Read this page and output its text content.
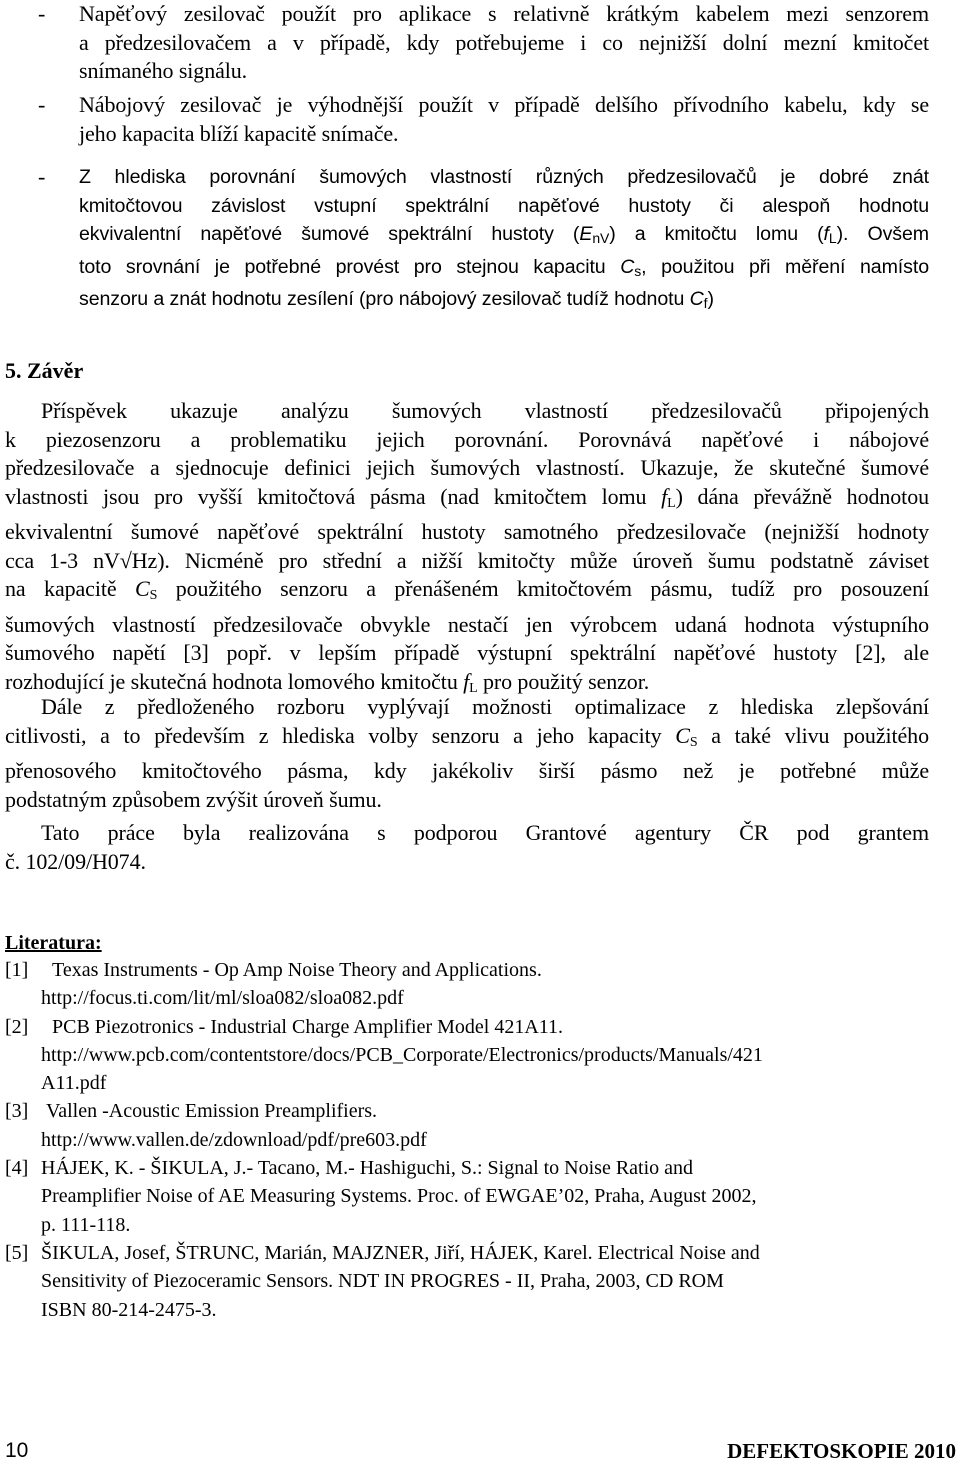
- Napěťový zesilovač použít pro aplikace s relativně krátkým kabelem mezi senzorem
a předzesilovačem a v případě, kdy potřebujeme i co nejnižší dolní mezní kmitočet
snímaného signálu.
- Nábojový zesilovač je výhodnější použít v případě delšího přívodního kabelu, kdy se
jeho kapacita blíží kapacitě snímače.
- Z hlediska porovnání šumových vlastností různých předzesilovačů je dobré znát
kmitočtovou závislost vstupní spektrální napěťové hustoty či alespoň hodnotu
ekvivalentní napěťové šumové spektrální hustoty $(E_{nV})$ a kmitočtu lomu $(f_L)$. Ovšem
toto srovnání je potřebné provést pro stejnou kapacitu $C_s$, použitou při měření namísto
senzoru a znát hodnotu zesílení (pro nábojový zesilovač tudíž hodnotu $C_f$)
5. Závěr
Příspěvek ukazuje analýzu šumových vlastností předzesilovačů připojených
k piezosenzoru a problematiku jejich porovnání. Porovnává napěťové i nábojové
předzesilovače a sjednocuje definici jejich šumových vlastností. Ukazuje, že skutečné šumové
vlastnosti jsou pro vyšší kmitočtová pásma (nad kmitočtem lomu $f_L$) dána převážně hodnotou
ekvivalentní šumové napěťové spektrální hustoty samotného předzesilovače (nejnižší hodnoty
cca 1-3 nV√Hz). Nicméně pro střední a nižší kmitočty může úroveň šumu podstatně záviset
na kapacitě $C_S$ použitého senzoru a přenášeném kmitočtovém pásmu, tudíž pro posouzení
šumových vlastností předzesilovače obvykle nestačí jen výrobcem udaná hodnota výstupního
šumového napětí [3] popř. v lepším případě výstupní spektrální napěťové hustoty [2], ale
rozhodující je skutečná hodnota lomového kmitočtu $f_L$ pro použitý senzor.
Dále z předloženého rozboru vyplývají možnosti optimalizace z hlediska zlepšování
citlivosti, a to především z hlediska volby senzoru a jeho kapacity $C_S$ a také vlivu použitého
přenosového kmitočtového pásma, kdy jakékoliv širší pásmo než je potřebné může
podstatným způsobem zvýšit úroveň šumu.
Tato práce byla realizována s podporou Grantové agentury ČR pod grantem
č. 102/09/H074.
Literatura:
[1]	Texas Instruments - Op Amp Noise Theory and Applications.
http://focus.ti.com/lit/ml/sloa082/sloa082.pdf
[2]	PCB Piezotronics - Industrial Charge Amplifier Model 421A11.
http://www.pcb.com/contentstore/docs/PCB_Corporate/Electronics/products/Manuals/421
A11.pdf
[3] Vallen -Acoustic Emission Preamplifiers.
http://www.vallen.de/zdownload/pdf/pre603.pdf
[4] HÁJEK, K. - ŠIKULA, J.- Tacano, M.- Hashiguchi, S.: Signal to Noise Ratio and
Preamplifier Noise of AE Measuring Systems. Proc. of EWGAE’02, Praha, August 2002,
p. 111-118.
[5] ŠIKULA, Josef, ŠTRUNC, Marián, MAJZNER, Jiří, HÁJEK, Karel. Electrical Noise and
Sensitivity of Piezoceramic Sensors. NDT IN PROGRES - II, Praha, 2003, CD ROM
ISBN 80-214-2475-3.
10	DEFEKTOSKOPIE 2010
